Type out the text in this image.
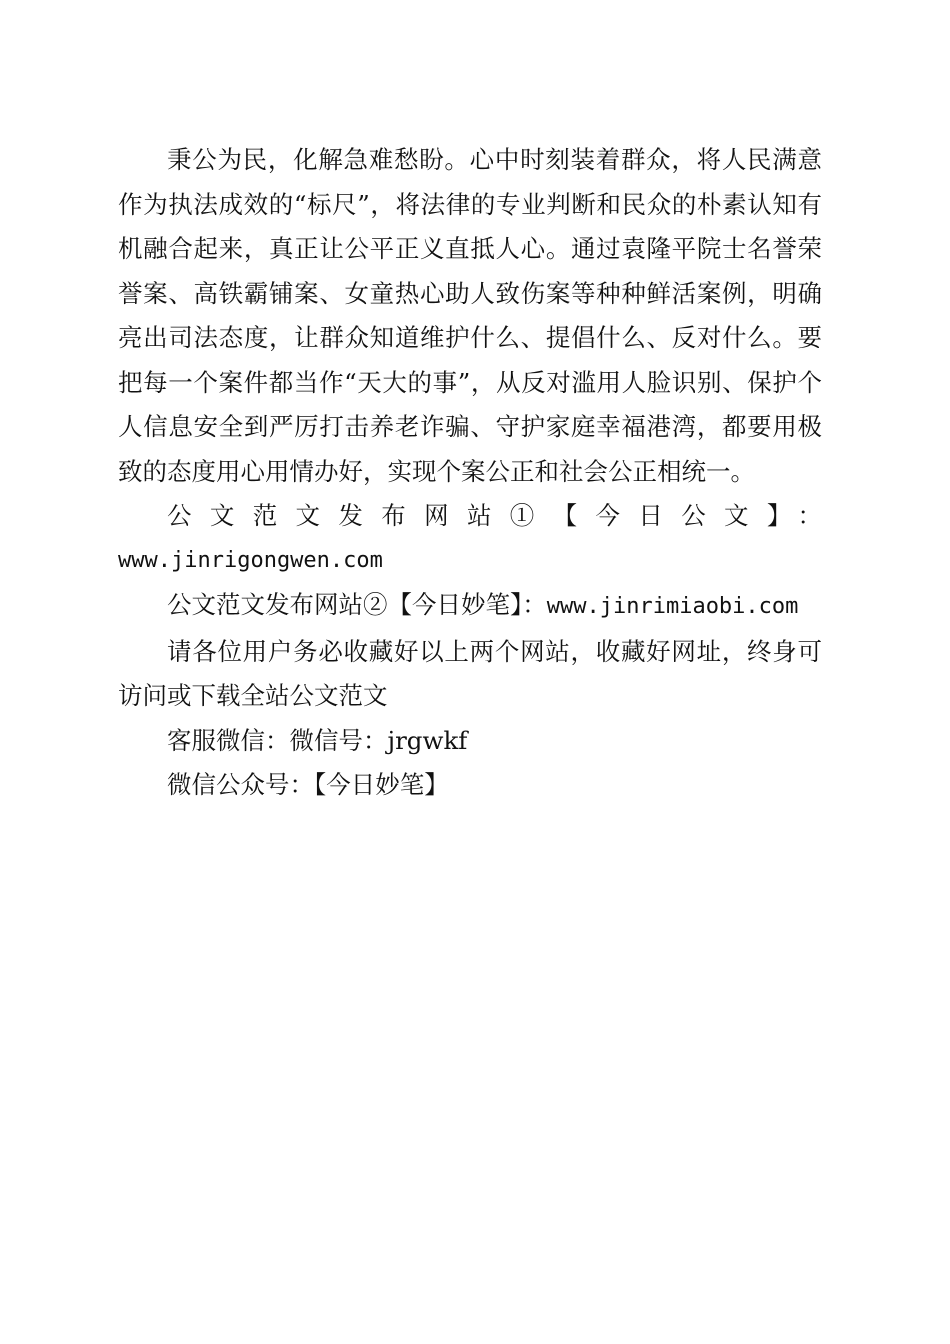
秉公为民，化解急难愁盼。心中时刻装着群众，将人民满意作为执法成效的“标尺”，将法律的专业判断和民众的朴素认知有机融合起来，真正让公平正义直抵人心。通过袁隆平院士名誉荣誉案、高铁霸铺案、女童热心助人致伤案等种种鲜活案例，明确亮出司法态度，让群众知道维护什么、提倡什么、反对什么。要把每一个案件都当作“天大的事”，从反对滥用人脸识别、保护个人信息安全到严厉打击养老诈骗、守护家庭幸福港湾，都要用极致的态度用心用情办好，实现个案公正和社会公正相统一。

公文范文发布网站①【今日公文】：
www.jinrigongwen.com

公文范文发布网站②【今日妙笔】：www.jinrimiaobi.com

请各位用户务必收藏好以上两个网站，收藏好网址，终身可访问或下载全站公文范文

客服微信：微信号：jrgwkf

微信公众号：【今日妙笔】
